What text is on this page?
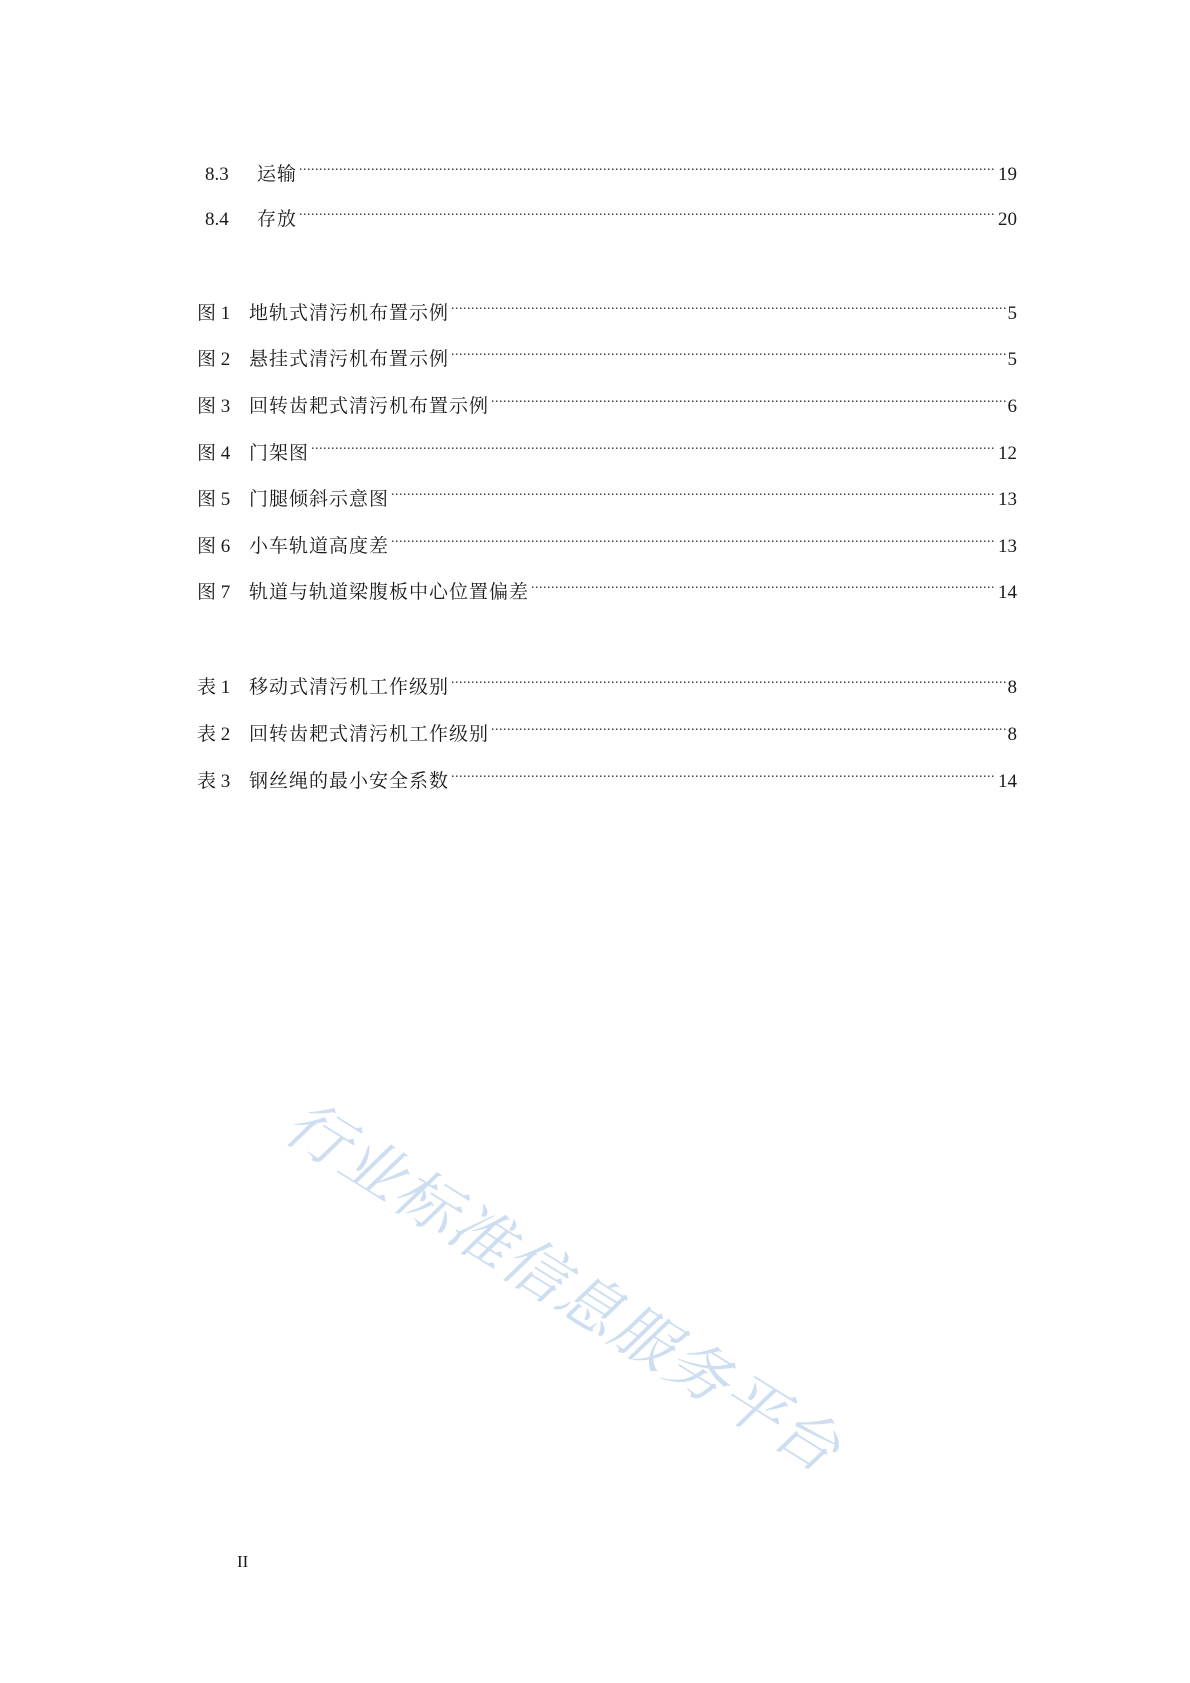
8.3	运输 .....	19
8.4	存放 .....	20
图 1 地轨式清污机布置示例 .....	5
图 2 悬挂式清污机布置示例 .....	5
图 3 回转齿耙式清污机布置示例 .....	6
图 4 门架图 .....	12
图 5 门腿倾斜示意图 .....	13
图 6 小车轨道高度差 .....	13
图 7 轨道与轨道梁腹板中心位置偏差 .....	14
表 1 移动式清污机工作级别 .....	8
表 2 回转齿耙式清污机工作级别 .....	8
表 3 钢丝绳的最小安全系数 .....	14
行业标准信息服务平台
II
